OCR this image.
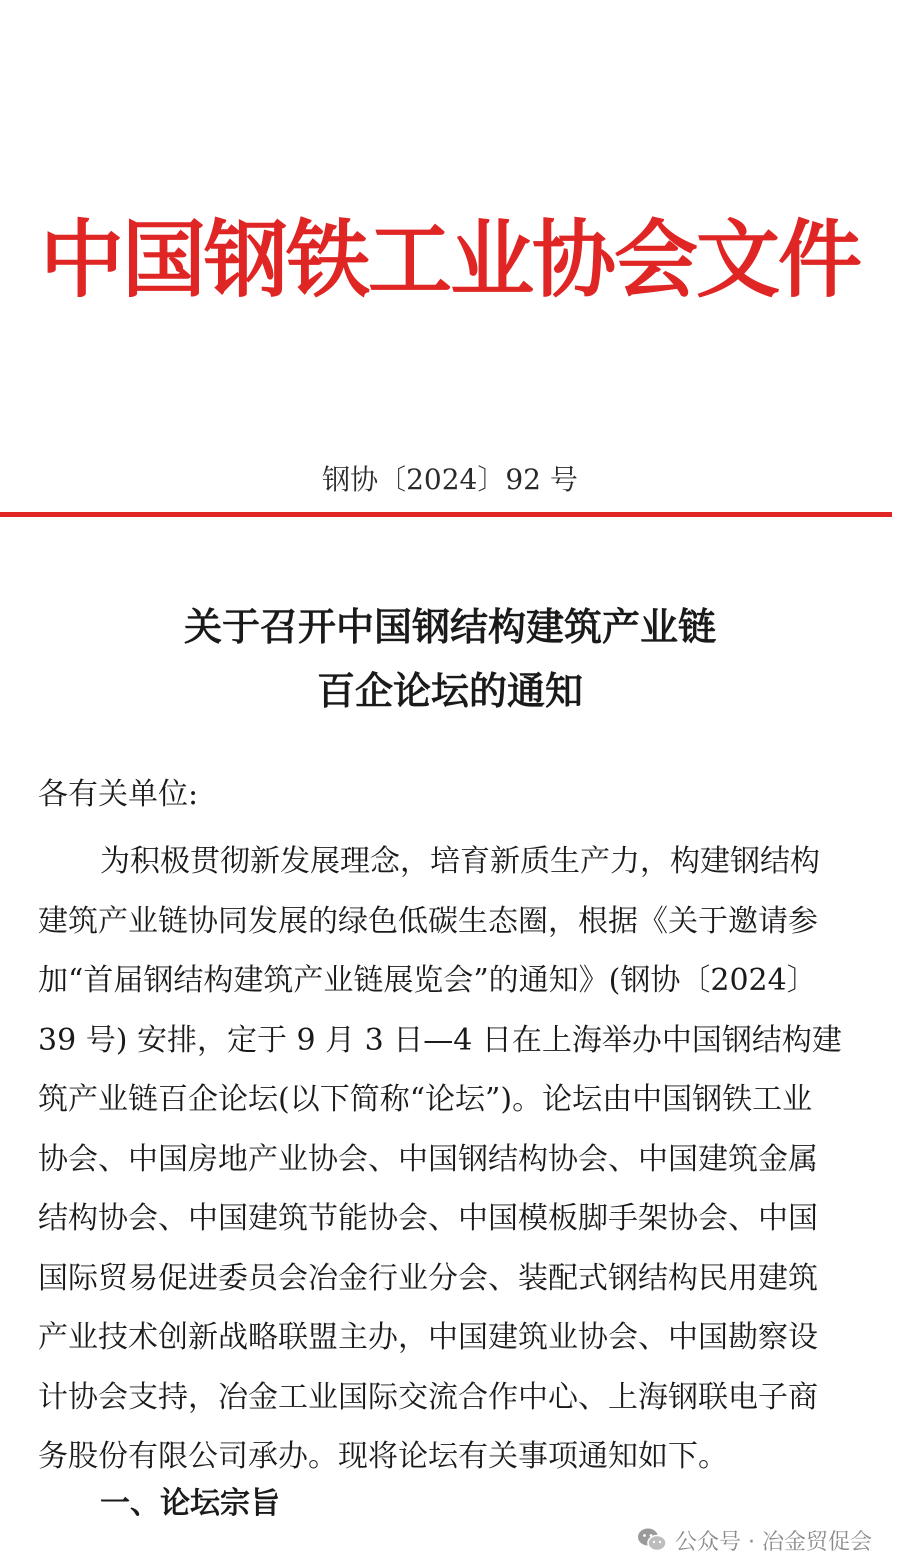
中国钢铁工业协会文件
钢协〔2024〕92 号
关于召开中国钢结构建筑产业链
百企论坛的通知
各有关单位:
为积极贯彻新发展理念，培育新质生产力，构建钢结构
建筑产业链协同发展的绿色低碳生态圈，根据《关于邀请参
加“首届钢结构建筑产业链展览会”的通知》(钢协〔2024〕
39 号) 安排，定于 9 月 3 日—4 日在上海举办中国钢结构建
筑产业链百企论坛(以下简称“论坛”)。论坛由中国钢铁工业
协会、中国房地产业协会、中国钢结构协会、中国建筑金属
结构协会、中国建筑节能协会、中国模板脚手架协会、中国
国际贸易促进委员会冶金行业分会、装配式钢结构民用建筑
产业技术创新战略联盟主办，中国建筑业协会、中国勘察设
计协会支持，冶金工业国际交流合作中心、上海钢联电子商
务股份有限公司承办。现将论坛有关事项通知如下。
一、论坛宗旨
公众号 · 冶金贸促会
